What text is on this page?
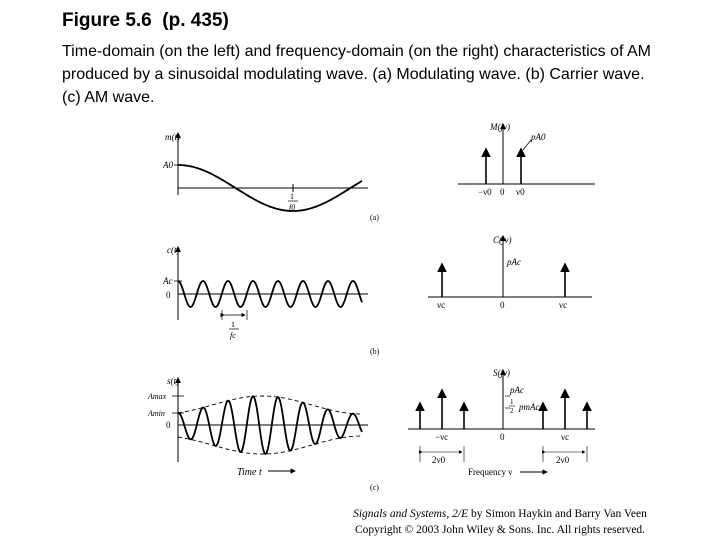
Figure 5.6  (p. 435)
Time-domain (on the left) and frequency-domain (on the right) characteristics of AM produced by a sinusoidal modulating wave. (a) Modulating wave. (b) Carrier wave. (c) AM wave.
m(t)
A0
1
f0
(a)
M(jν)
pA0
−ν0 0 ν0
c(t)
Ac
0
1
fc
(b)
C(jν)
pAc
νc	0	νc
s(t)
Amax
Amin
0
Time t
(c)
S(jν)
pAc
1
2 pmAc
−νc	0	νc
2ν0	2ν0
Frequency ν
Signals and Systems, 2/E by Simon Haykin and Barry Van Veen
Copyright © 2003 John Wiley & Sons. Inc. All rights reserved.
